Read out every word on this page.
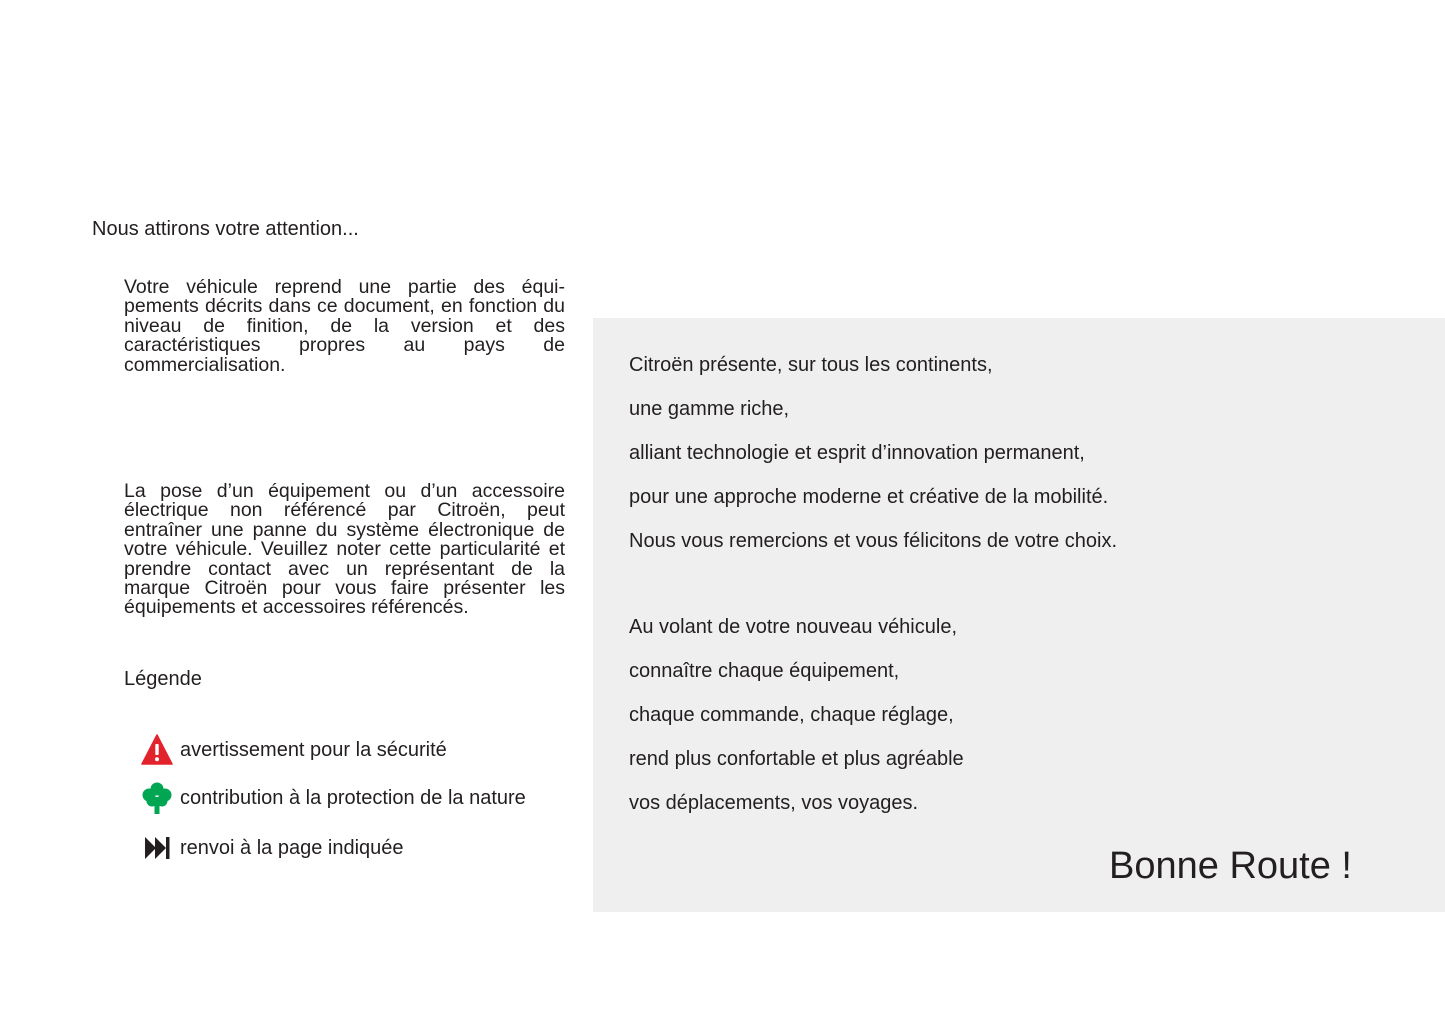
Nous attirons votre attention...

Votre véhicule reprend une partie des équipements décrits dans ce document, en fonction du niveau de finition, de la version et des caractéristiques propres au pays de commercialisation.

La pose d’un équipement ou d’un accessoire électrique non référencé par Citroën, peut entraîner une panne du système électronique de votre véhicule. Veuillez noter cette particularité et prendre contact avec un représentant de la marque Citroën pour vous faire présenter les équipements et accessoires référencés.

Légende
avertissement pour la sécurité
contribution à la protection de la nature
renvoi à la page indiquée

Citroën présente, sur tous les continents,

une gamme riche,

alliant technologie et esprit d’innovation permanent,

pour une approche moderne et créative de la mobilité.

Nous vous remercions et vous félicitons de votre choix.

Au volant de votre nouveau véhicule,

connaître chaque équipement,

chaque commande, chaque réglage,

rend plus confortable et plus agréable

vos déplacements, vos voyages.

Bonne Route !
